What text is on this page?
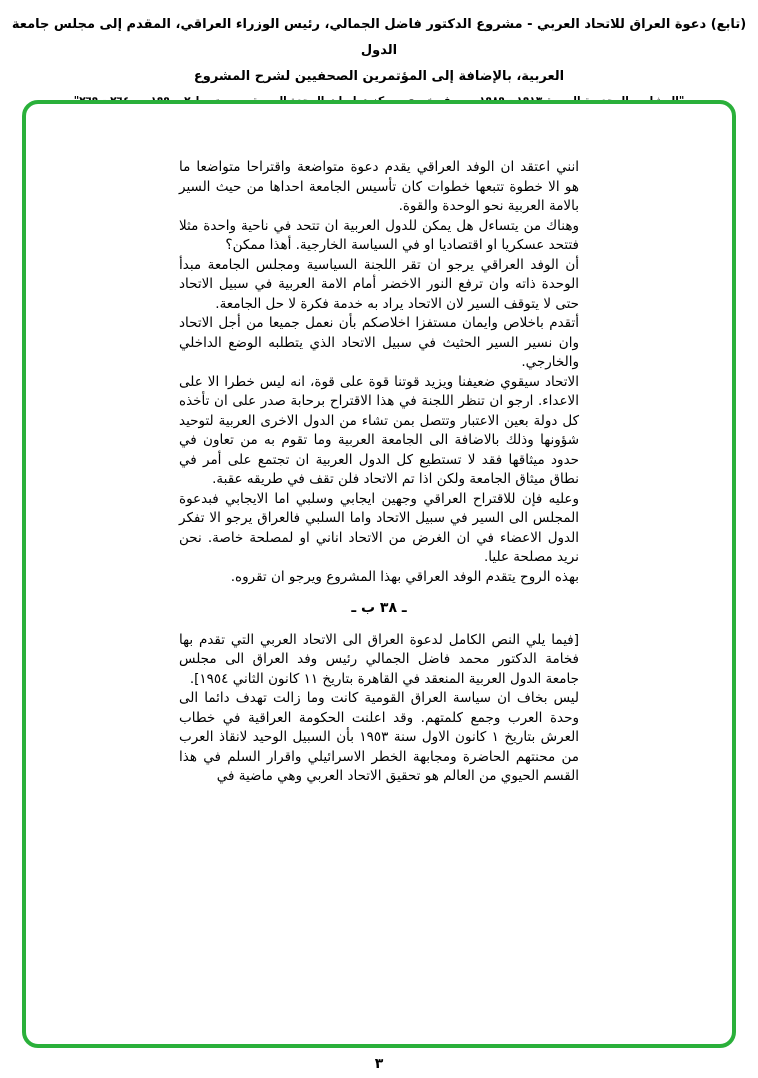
(تابع) دعوة العراق للاتحاد العربي - مشروع الدكتور فاضل الجمالي، رئيس الوزراء العراقي، المقدم إلى مجلس جامعة الدول
العربية، بالإضافة إلى المؤتمرين الصحفيين لشرح المشروع

انني اعتقد ان الوفد العراقي يقدم دعوة متواضعة واقتراحا متواضعا ما هو الا خطوة تتبعها خطوات كان تأسيس الجامعة احداها من حيث السير بالامة العربية نحو الوحدة والقوة.

وهناك من يتساءل هل يمكن للدول العربية ان تتحد في ناحية واحدة مثلا فتتحد عسكريا او اقتصاديا او في السياسة الخارجية. أهذا ممكن؟

أن الوفد العراقي يرجو ان تقر اللجنة السياسية ومجلس الجامعة مبدأ الوحدة ذاته وان ترفع النور الاخضر أمام الامة العربية في سبيل الاتحاد حتى لا يتوقف السير لان الاتحاد يراد به خدمة فكرة لا حل الجامعة.

أتقدم باخلاص وايمان مستفزا اخلاصكم بأن نعمل جميعا من أجل الاتحاد وان نسير السير الحثيث في سبيل الاتحاد الذي يتطلبه الوضع الداخلي والخارجي.

الاتحاد سيقوي ضعيفنا ويزيد قوتنا قوة على قوة، انه ليس خطرا الا على الاعداء. ارجو ان تنظر اللجنة في هذا الاقتراح برحابة صدر على ان تأخذه كل دولة بعين الاعتبار وتتصل بمن تشاء من الدول الاخرى العربية لتوحيد شؤونها وذلك بالاضافة الى الجامعة العربية وما تقوم به من تعاون في حدود ميثاقها فقد لا تستطيع كل الدول العربية ان تجتمع على أمر في نطاق ميثاق الجامعة ولكن اذا تم الاتحاد فلن تقف في طريقه عقبة.

وعليه فإن للاقتراح العراقي وجهين ايجابي وسلبي اما الايجابي فبدعوة المجلس الى السير في سبيل الاتحاد واما السلبي فالعراق يرجو الا تفكر الدول الاعضاء في ان الغرض من الاتحاد اناني او لمصلحة خاصة. نحن نريد مصلحة عليا.

بهذه الروح يتقدم الوفد العراقي بهذا المشروع ويرجو ان تقروه.

ـ ٣٨ ب ـ

[فيما يلي النص الكامل لدعوة العراق الى الاتحاد العربي التي تقدم بها فخامة الدكتور محمد فاضل الجمالي رئيس وفد العراق الى مجلس جامعة الدول العربية المنعقد في القاهرة بتاريخ ١١ كانون الثاني ١٩٥٤].

ليس بخاف ان سياسة العراق القومية كانت وما زالت تهدف دائما الى وحدة العرب وجمع كلمتهم. وقد اعلنت الحكومة العراقية في خطاب العرش بتاريخ ١ كانون الاول سنة ١٩٥٣ بأن السبيل الوحيد لانقاذ العرب من محنتهم الحاضرة ومجابهة الخطر الاسرائيلي واقرار السلم في هذا القسم الحيوي من العالم هو تحقيق الاتحاد العربي وهي ماضية في

٣
